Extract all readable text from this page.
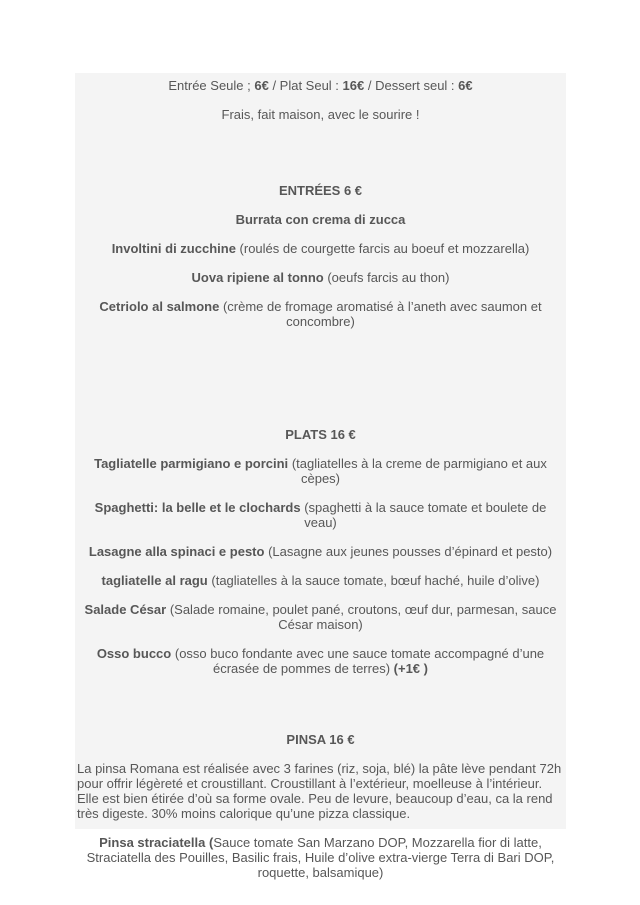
Entrée Seule ; 6€ / Plat Seul : 16€ / Dessert seul : 6€

Frais, fait maison, avec le sourire !

ENTRÉES 6 €

Burrata con crema di zucca

Involtini di zucchine (roulés de courgette farcis au boeuf et mozzarella)

Uova ripiene al tonno (oeufs farcis au thon)

Cetriolo al salmone (crème de fromage aromatisé à l’aneth avec saumon et concombre)

PLATS 16 €

Tagliatelle parmigiano e porcini (tagliatelles à la creme de parmigiano et aux cèpes)

Spaghetti: la belle et le clochards (spaghetti à la sauce tomate et boulete de veau)

Lasagne alla spinaci e pesto (Lasagne aux jeunes pousses d’épinard et pesto)

tagliatelle al ragu (tagliatelles à la sauce tomate, bœuf haché, huile d’olive)

Salade César (Salade romaine, poulet pané, croutons, œuf dur, parmesan, sauce César maison)

Osso bucco (osso buco fondante avec une sauce tomate accompagné d’une écrasée de pommes de terres) (+1€ )

PINSA 16 €

La pinsa Romana est réalisée avec 3 farines (riz, soja, blé) la pâte lève pendant 72h pour offrir légèreté et croustillant. Croustillant à l’extérieur, moelleuse à l’intérieur. Elle est bien étirée d’où sa forme ovale. Peu de levure, beaucoup d’eau, ca la rend très digeste. 30% moins calorique qu’une pizza classique.

Pinsa straciatella (Sauce tomate San Marzano DOP, Mozzarella fior di latte, Straciatella des Pouilles, Basilic frais, Huile d’olive extra-vierge Terra di Bari DOP, roquette, balsamique)
